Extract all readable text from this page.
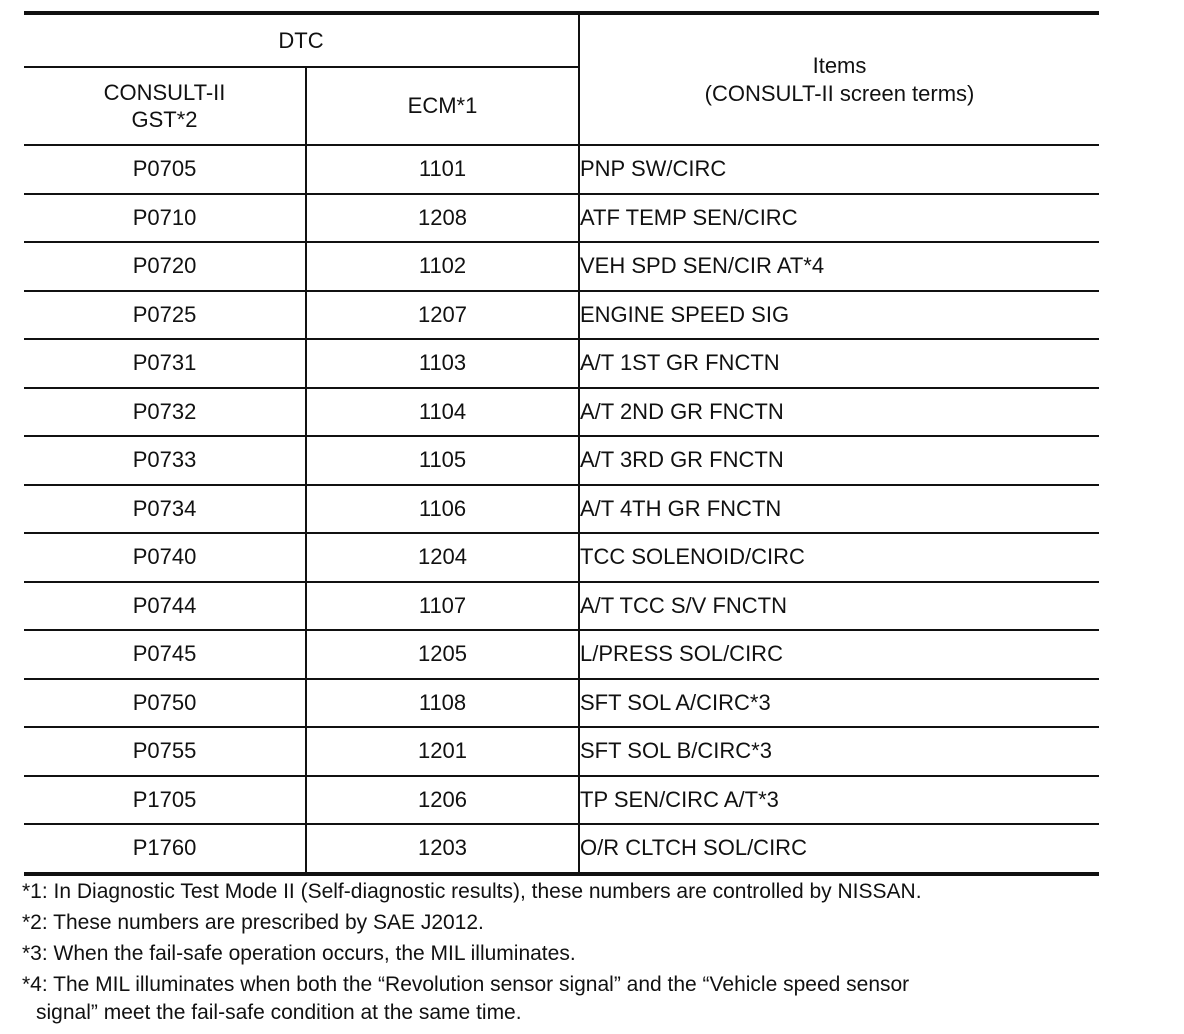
DTC		Items
(CONSULT-II screen terms)

CONSULT-II
GST*2	ECM*1	
P0705	1101	PNP SW/CIRC
P0710	1208	ATF TEMP SEN/CIRC
P0720	1102	VEH SPD SEN/CIR AT*4
P0725	1207	ENGINE SPEED SIG
P0731	1103	A/T 1ST GR FNCTN
P0732	1104	A/T 2ND GR FNCTN
P0733	1105	A/T 3RD GR FNCTN
P0734	1106	A/T 4TH GR FNCTN
P0740	1204	TCC SOLENOID/CIRC
P0744	1107	A/T TCC S/V FNCTN
P0745	1205	L/PRESS SOL/CIRC
P0750	1108	SFT SOL A/CIRC*3
P0755	1201	SFT SOL B/CIRC*3
P1705	1206	TP SEN/CIRC A/T*3
P1760	1203	O/R CLTCH SOL/CIRC
*1: In Diagnostic Test Mode II (Self-diagnostic results), these numbers are controlled by NISSAN.
*2: These numbers are prescribed by SAE J2012.
*3: When the fail-safe operation occurs, the MIL illuminates.
*4: The MIL illuminates when both the “Revolution sensor signal” and the “Vehicle speed sensor
signal” meet the fail-safe condition at the same time.
